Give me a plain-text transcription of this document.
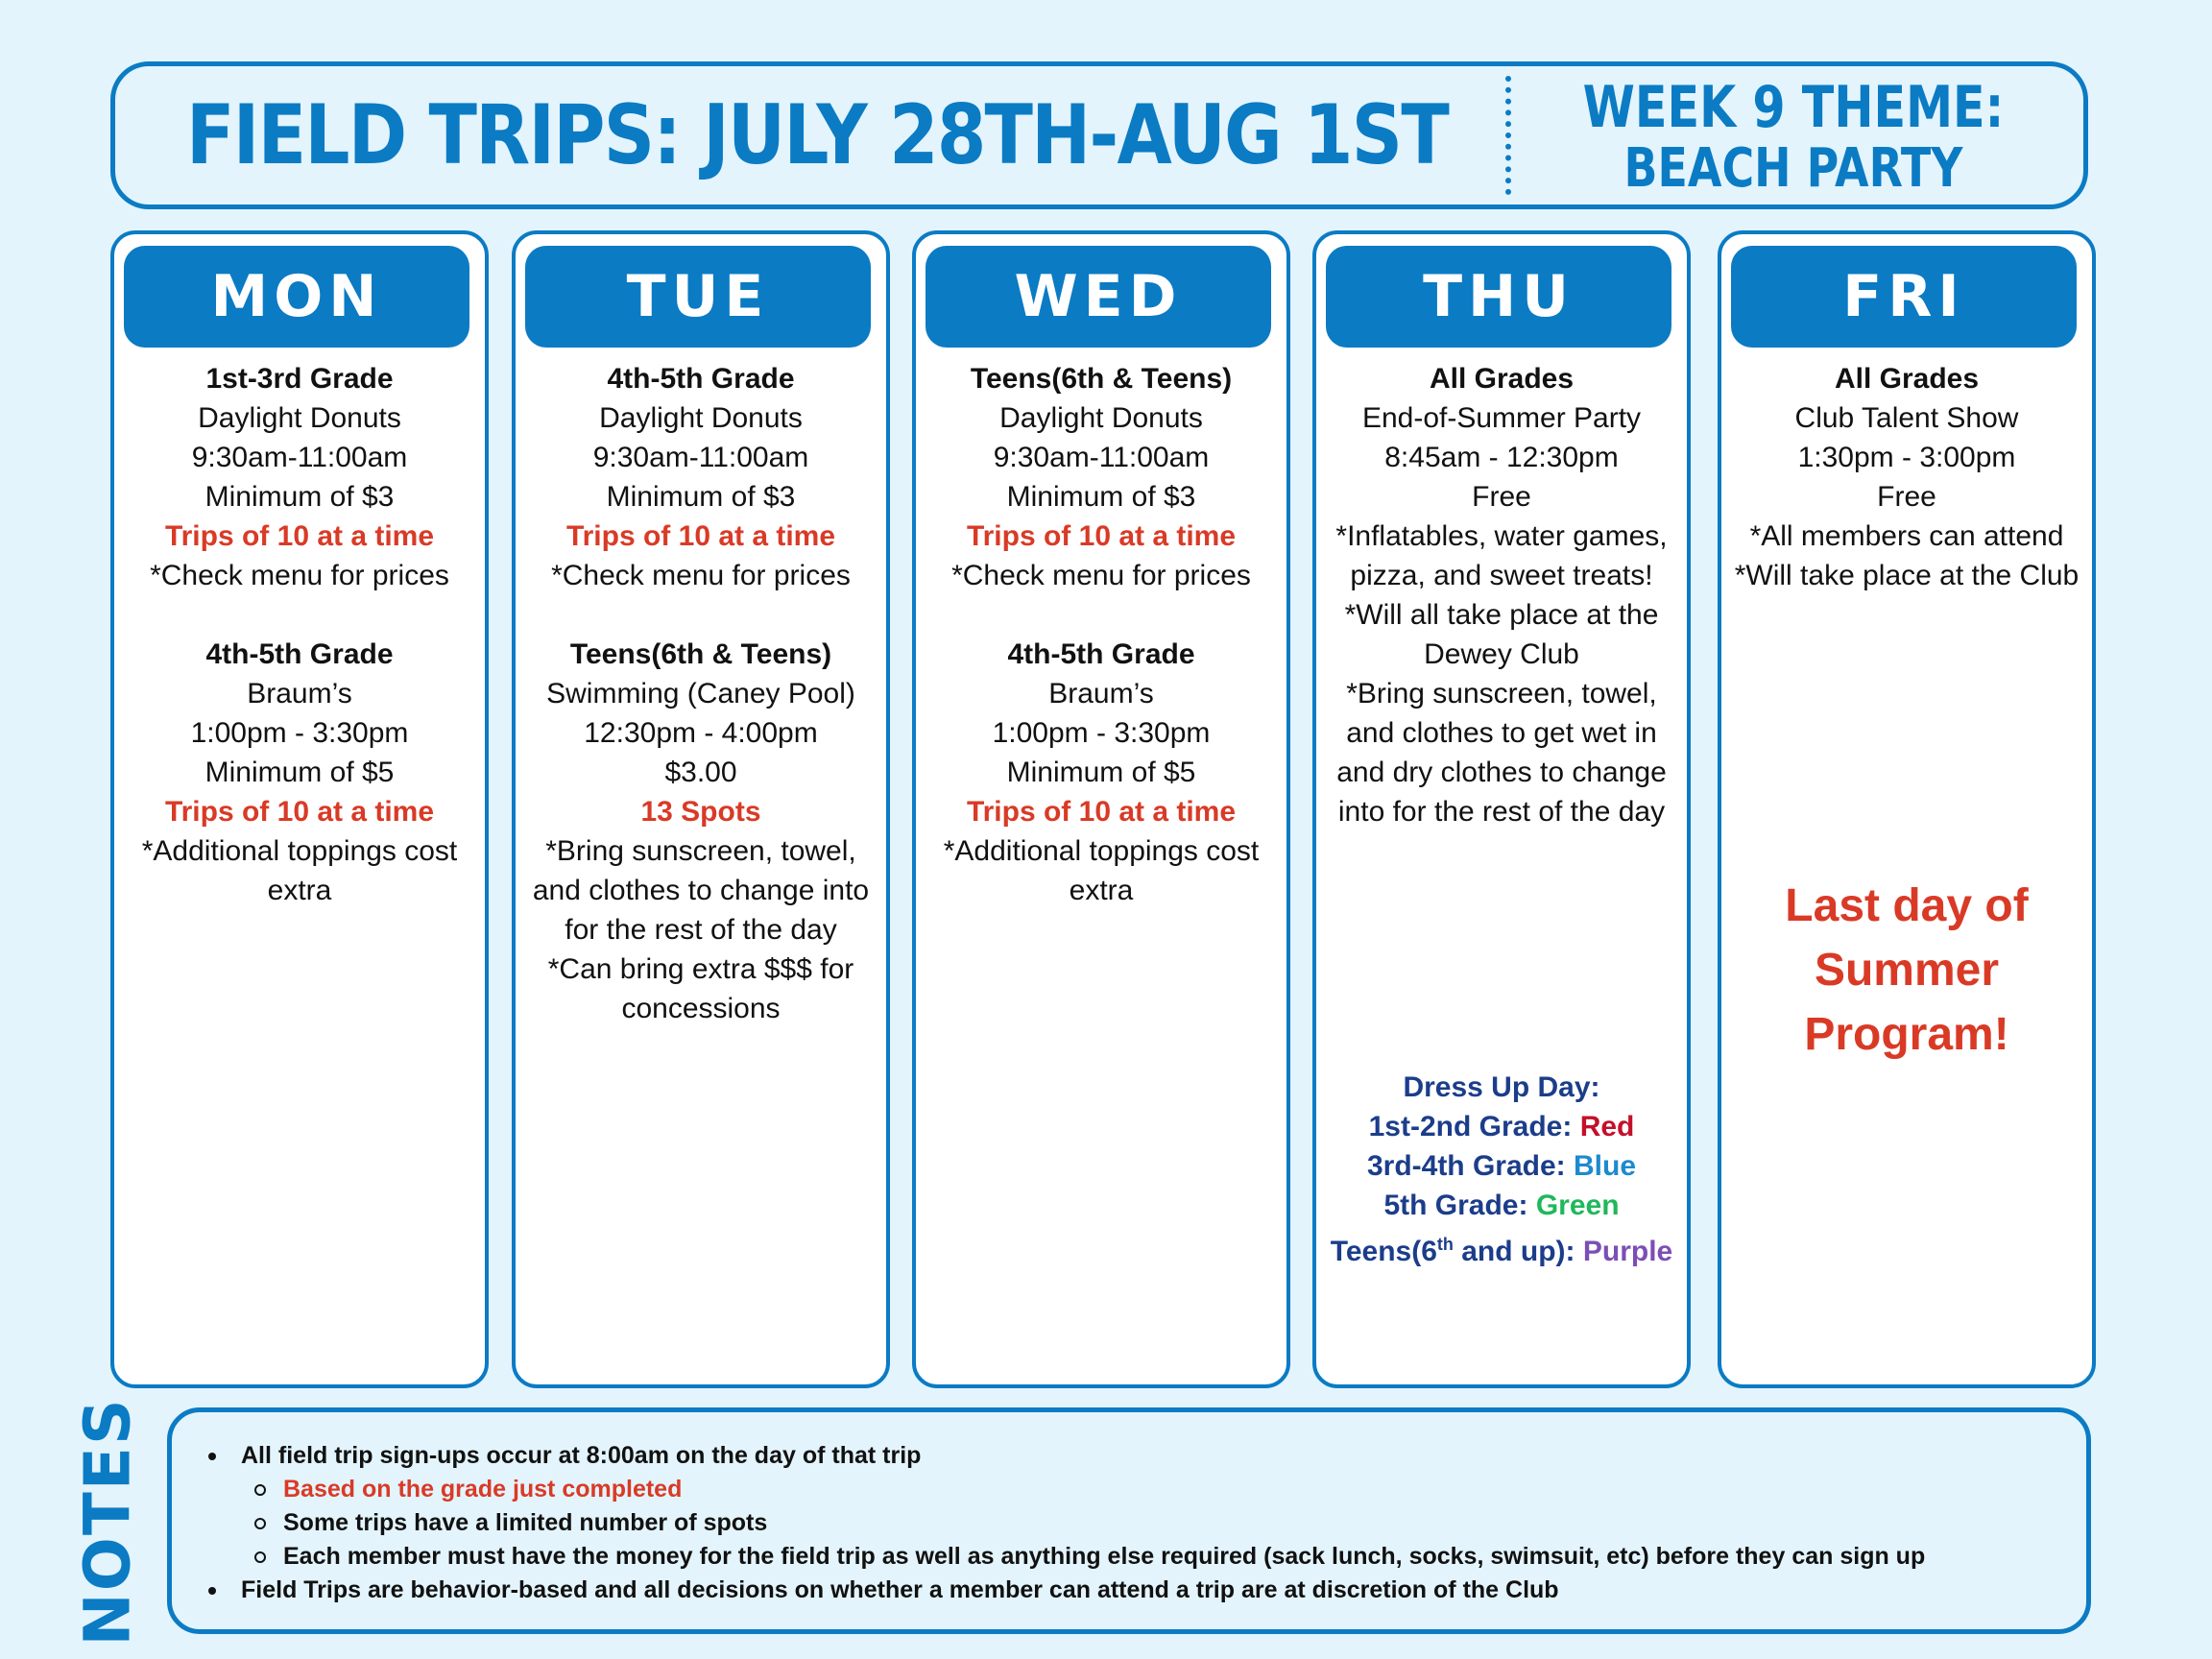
FIELD TRIPS: JULY 28TH-AUG 1ST WEEK 9 THEME:
BEACH PARTY
MON
1st-3rd Grade
Daylight Donuts
9:30am-11:00am
Minimum of $3
Trips of 10 at a time
*Check menu for prices
4th-5th Grade
Braum’s
1:00pm - 3:30pm
Minimum of $5
Trips of 10 at a time
*Additional toppings cost
extra
TUE
4th-5th Grade
Daylight Donuts
9:30am-11:00am
Minimum of $3
Trips of 10 at a time
*Check menu for prices
Teens(6th & Teens)
Swimming (Caney Pool)
12:30pm - 4:00pm
$3.00
13 Spots
*Bring sunscreen, towel,
and clothes to change into
for the rest of the day
*Can bring extra $$$ for
concessions
WED
Teens(6th & Teens)
Daylight Donuts
9:30am-11:00am
Minimum of $3
Trips of 10 at a time
*Check menu for prices
4th-5th Grade
Braum’s
1:00pm - 3:30pm
Minimum of $5
Trips of 10 at a time
*Additional toppings cost
extra
THU
All Grades
End-of-Summer Party
8:45am - 12:30pm
Free
*Inflatables, water games,
pizza, and sweet treats!
*Will all take place at the
Dewey Club
*Bring sunscreen, towel,
and clothes to get wet in
and dry clothes to change
into for the rest of the day
Dress Up Day:
1st-2nd Grade: Red
3rd-4th Grade: Blue
5th Grade: Green
Teens(6th and up): Purple
FRI
All Grades
Club Talent Show
1:30pm - 3:00pm
Free
*All members can attend
*Will take place at the Club
Last day of
Summer
Program!
NOTES	All field trip sign-ups occur at 8:00am on the day of that trip
Based on the grade just completed
Some trips have a limited number of spots
Each member must have the money for the field trip as well as anything else required (sack lunch, socks, swimsuit, etc) before they can sign up
Field Trips are behavior-based and all decisions on whether a member can attend a trip are at discretion of the Club
